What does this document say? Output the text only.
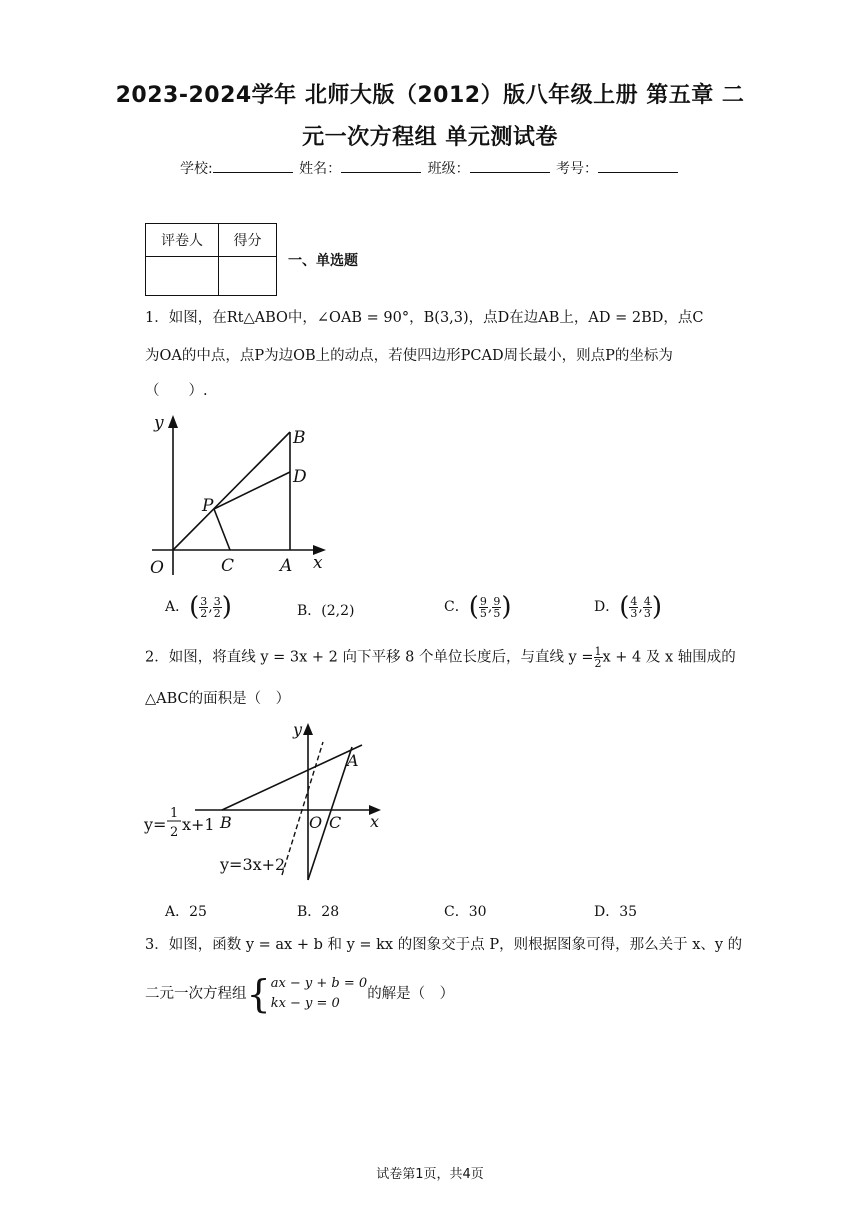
2023-2024学年 北师大版（2012）版八年级上册 第五章 二
元一次方程组 单元测试卷
学校:	姓名：	班级：	考号：
评卷人	得分

一、单选题
1．如图，在Rt△ABO中，∠OAB = 90°，B(3,3)，点D在边AB上，AD = 2BD，点C
为OA的中点，点P为边OB上的动点，若使四边形PCAD周长最小，则点P的坐标为
（　　）.
y
x
O
B
D
P
C	A
A．( $\frac{3}{2}$ , $\frac{3}{2}$ )	B．(2,2)	C．( $\frac{9}{5}$ , $\frac{9}{5}$ )	D．( $\frac{4}{3}$ , $\frac{4}{3}$ )
2．如图，将直线 y = 3x + 2 向下平移 8 个单位长度后，与直线 $y = \frac{1}{2}$ x + 4 及 x 轴围成的
△ABC的面积是（　）
y
x
A
B	O C
y=
1
2 x+1
y=3x+2
A．25	B．28	C．30	D．35
3．如图，函数 y = ax + b 和 y = kx 的图象交于点 P，则根据图象可得，那么关于 x、y 的
二元一次方程组{ ax − y + b = 0
kx − y = 0
的解是（　）
试卷第1页，共4页
